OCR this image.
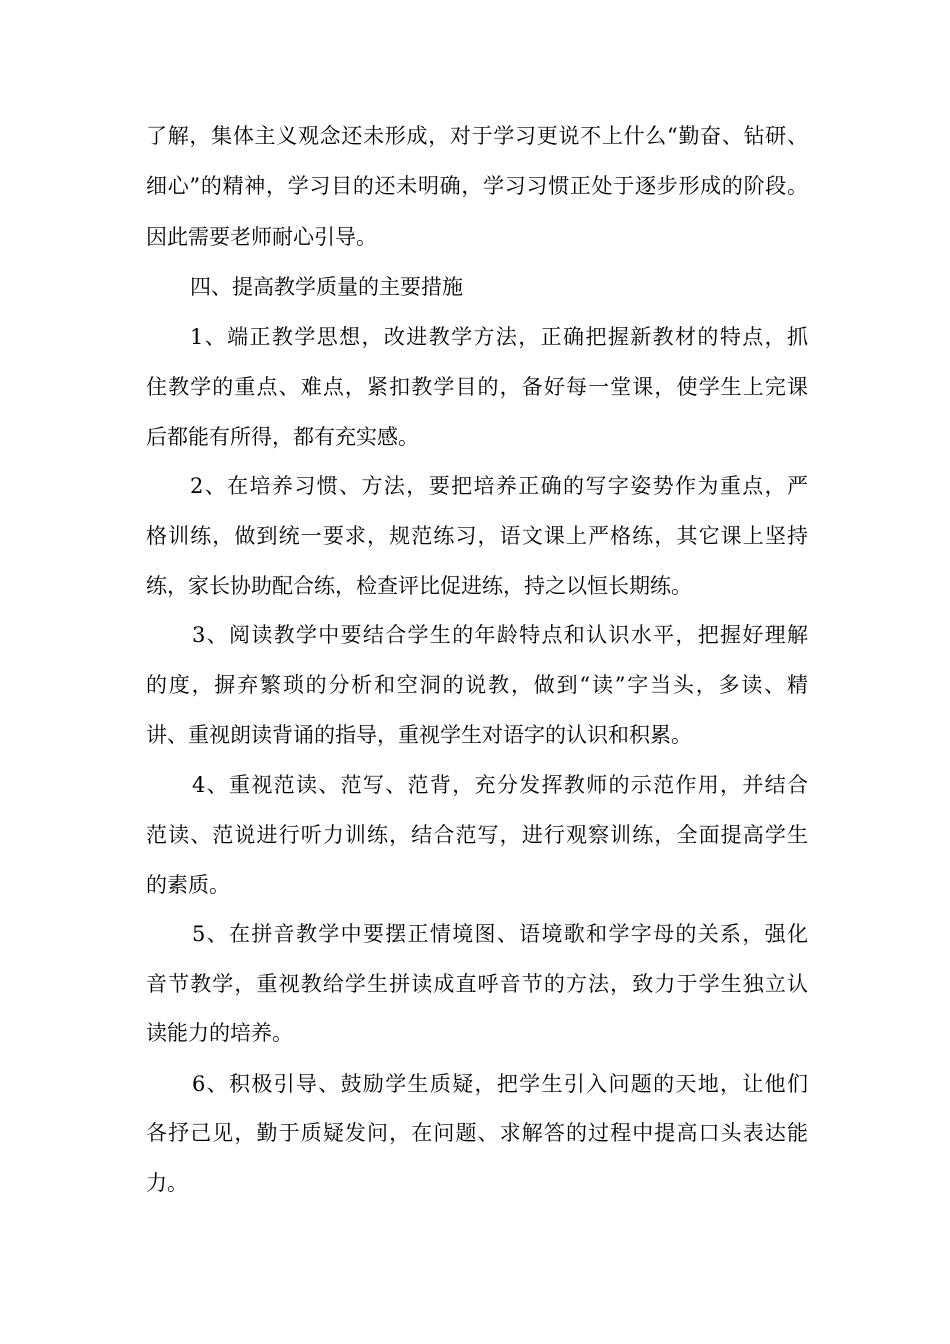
了解，集体主义观念还未形成，对于学习更说不上什么“勤奋、钻研、
细心”的精神，学习目的还未明确，学习习惯正处于逐步形成的阶段。
因此需要老师耐心引导。
四、提高教学质量的主要措施
1、端正教学思想，改进教学方法，正确把握新教材的特点，抓
住教学的重点、难点，紧扣教学目的，备好每一堂课，使学生上完课
后都能有所得，都有充实感。
2、在培养习惯、方法，要把培养正确的写字姿势作为重点，严
格训练，做到统一要求，规范练习，语文课上严格练，其它课上坚持
练，家长协助配合练，检查评比促进练，持之以恒长期练。
3、阅读教学中要结合学生的年龄特点和认识水平，把握好理解
的度，摒弃繁琐的分析和空洞的说教，做到“读”字当头，多读、精
讲、重视朗读背诵的指导，重视学生对语字的认识和积累。
4、重视范读、范写、范背，充分发挥教师的示范作用，并结合
范读、范说进行听力训练，结合范写，进行观察训练，全面提高学生
的素质。
5、在拼音教学中要摆正情境图、语境歌和学字母的关系，强化
音节教学，重视教给学生拼读成直呼音节的方法，致力于学生独立认
读能力的培养。
6、积极引导、鼓励学生质疑，把学生引入问题的天地，让他们
各抒己见，勤于质疑发问，在问题、求解答的过程中提高口头表达能
力。
